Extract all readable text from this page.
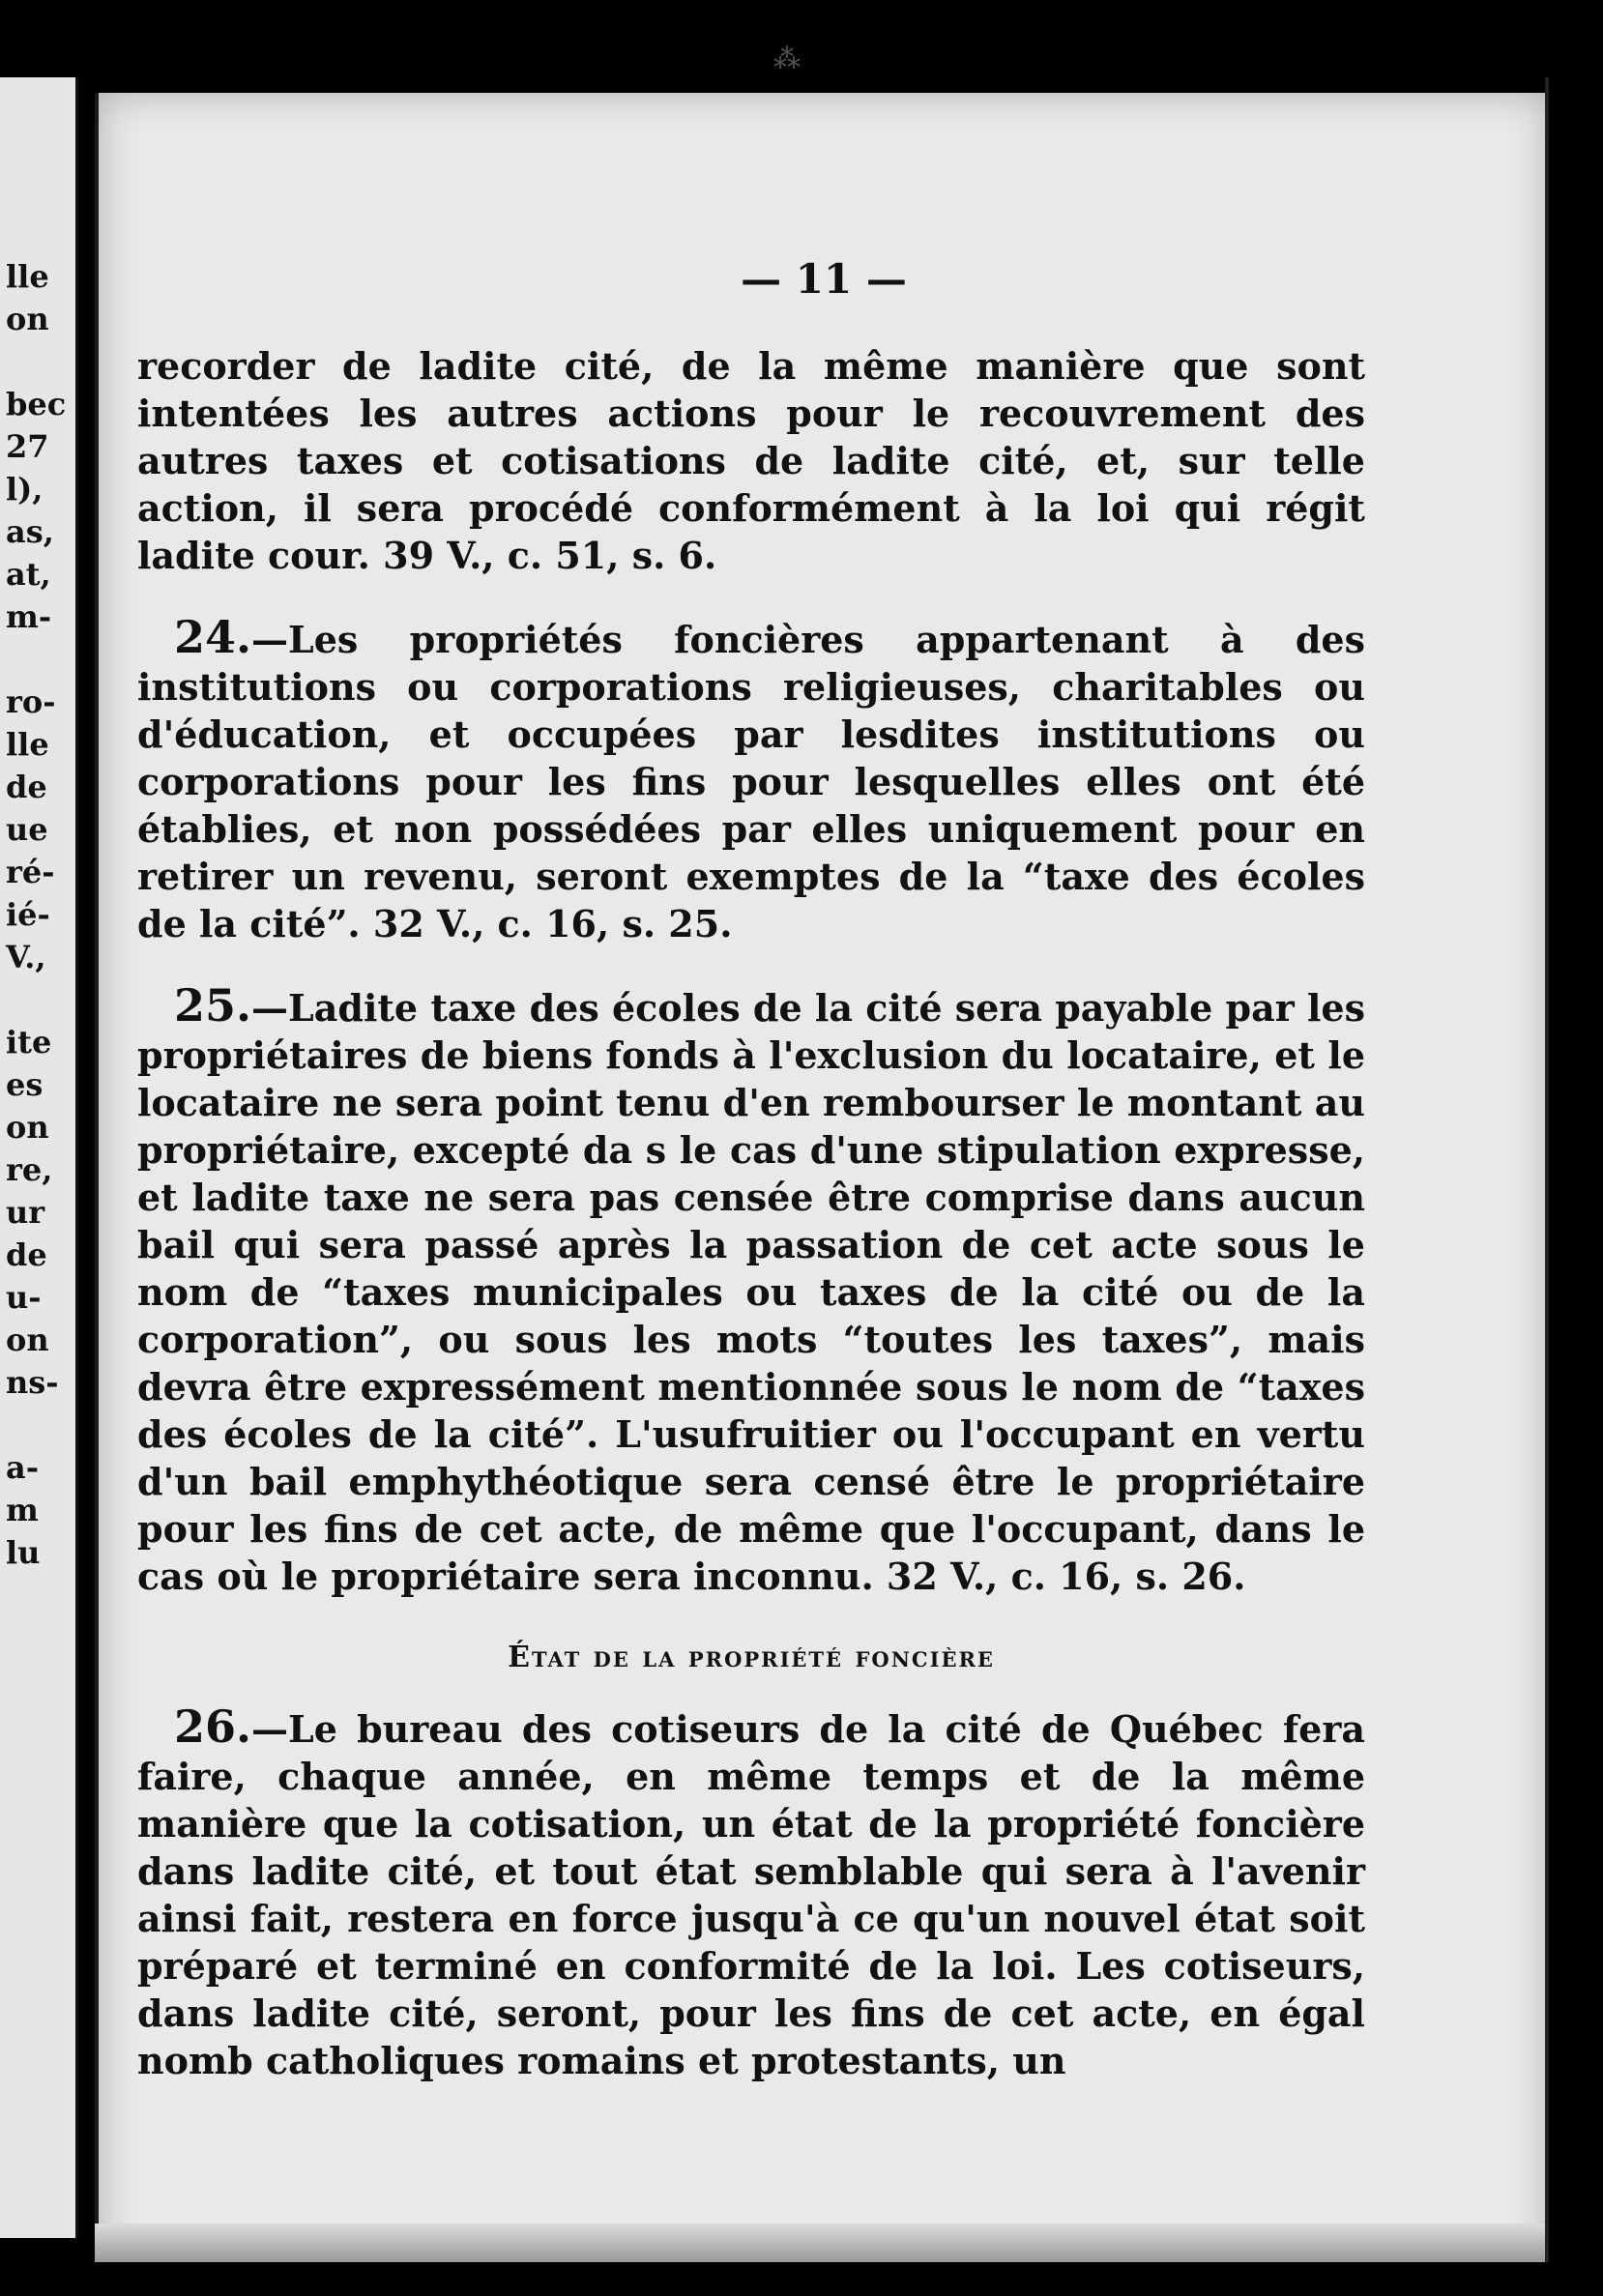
lle
on
bec
27
l),
as,
at,
m-
ro-
lle
de
ue
ré-
ié-
V.,
ite
es
on
re,
ur
de
u-
on
ns-
a-
m
lu
⁂
— 11 —

recorder de ladite cité, de la même manière que sont intentées les autres actions pour le recouvrement des autres taxes et cotisations de ladite cité, et, sur telle action, il sera procédé conformément à la loi qui régit ladite cour. 39 V., c. 51, s. 6.

24.—Les propriétés foncières appartenant à des institutions ou corporations religieuses, charitables ou d'éducation, et occupées par lesdites institutions ou corporations pour les fins pour lesquelles elles ont été établies, et non possédées par elles uniquement pour en retirer un revenu, seront exemptes de la “taxe des écoles de la cité”. 32 V., c. 16, s. 25.

25.—Ladite taxe des écoles de la cité sera payable par les propriétaires de biens fonds à l'exclusion du locataire, et le locataire ne sera point tenu d'en rembourser le montant au propriétaire, excepté da s le cas d'une stipulation expresse, et ladite taxe ne sera pas censée être comprise dans aucun bail qui sera passé après la passation de cet acte sous le nom de “taxes municipales ou taxes de la cité ou de la corporation”, ou sous les mots “toutes les taxes”, mais devra être expressément mentionnée sous le nom de “taxes des écoles de la cité”. L'usufruitier ou l'occupant en vertu d'un bail emphythéotique sera censé être le propriétaire pour les fins de cet acte, de même que l'occupant, dans le cas où le propriétaire sera inconnu. 32 V., c. 16, s. 26.

État de la propriété foncière

26.—Le bureau des cotiseurs de la cité de Québec fera faire, chaque année, en même temps et de la même manière que la cotisation, un état de la propriété foncière dans ladite cité, et tout état semblable qui sera à l'avenir ainsi fait, restera en force jusqu'à ce qu'un nouvel état soit préparé et terminé en conformité de la loi. Les cotiseurs, dans ladite cité, seront, pour les fins de cet acte, en égal nomb catholiques romains et protestants, un
